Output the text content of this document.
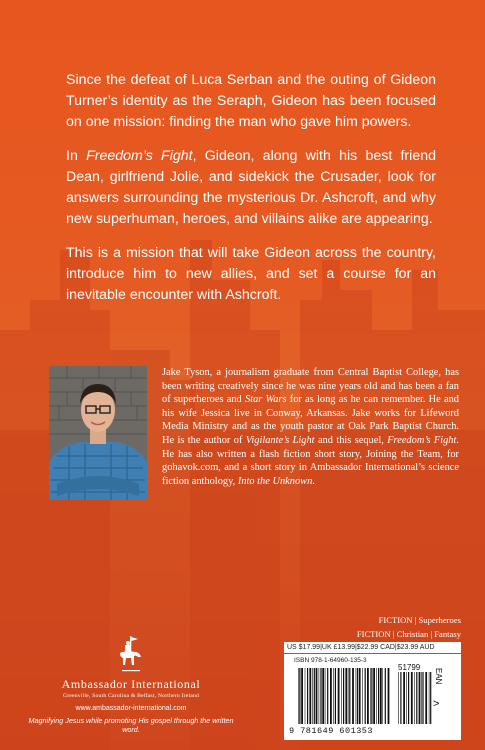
Since the defeat of Luca Serban and the outing of Gideon Turner’s identity as the Seraph, Gideon has been focused on one mission: finding the man who gave him powers.

In Freedom’s Fight, Gideon, along with his best friend Dean, girlfriend Jolie, and sidekick the Crusader, look for answers surrounding the mysterious Dr. Ashcroft, and why new superhuman, heroes, and villains alike are appearing.

This is a mission that will take Gideon across the country, introduce him to new allies, and set a course for an inevitable encounter with Ashcroft.

Jake Tyson, a journalism graduate from Central Baptist College, has been writing creatively since he was nine years old and has been a fan of superheroes and Star Wars for as long as he can remember. He and his wife Jessica live in Conway, Arkansas. Jake works for Lifeword Media Ministry and as the youth pastor at Oak Park Baptist Church. He is the author of Vigilante’s Light and this sequel, Freedom’s Fight. He has also written a flash fiction short story, Joining the Team, for gohavok.com, and a short story in Ambassador International’s science fiction anthology, Into the Unknown.
FICTION | Superheroes
FICTION | Christian | Fantasy
US $17.99|UK £13.99|$22.99 CAD|$23.99 AUD
ISBN 978-1-64960-135-3
51799
EAN
>
9 781649 601353
Ambassador International
Greenville, South Carolina & Belfast, Northern Ireland
www.ambassador-international.com
Magnifying Jesus while promoting His gospel through the written word.
